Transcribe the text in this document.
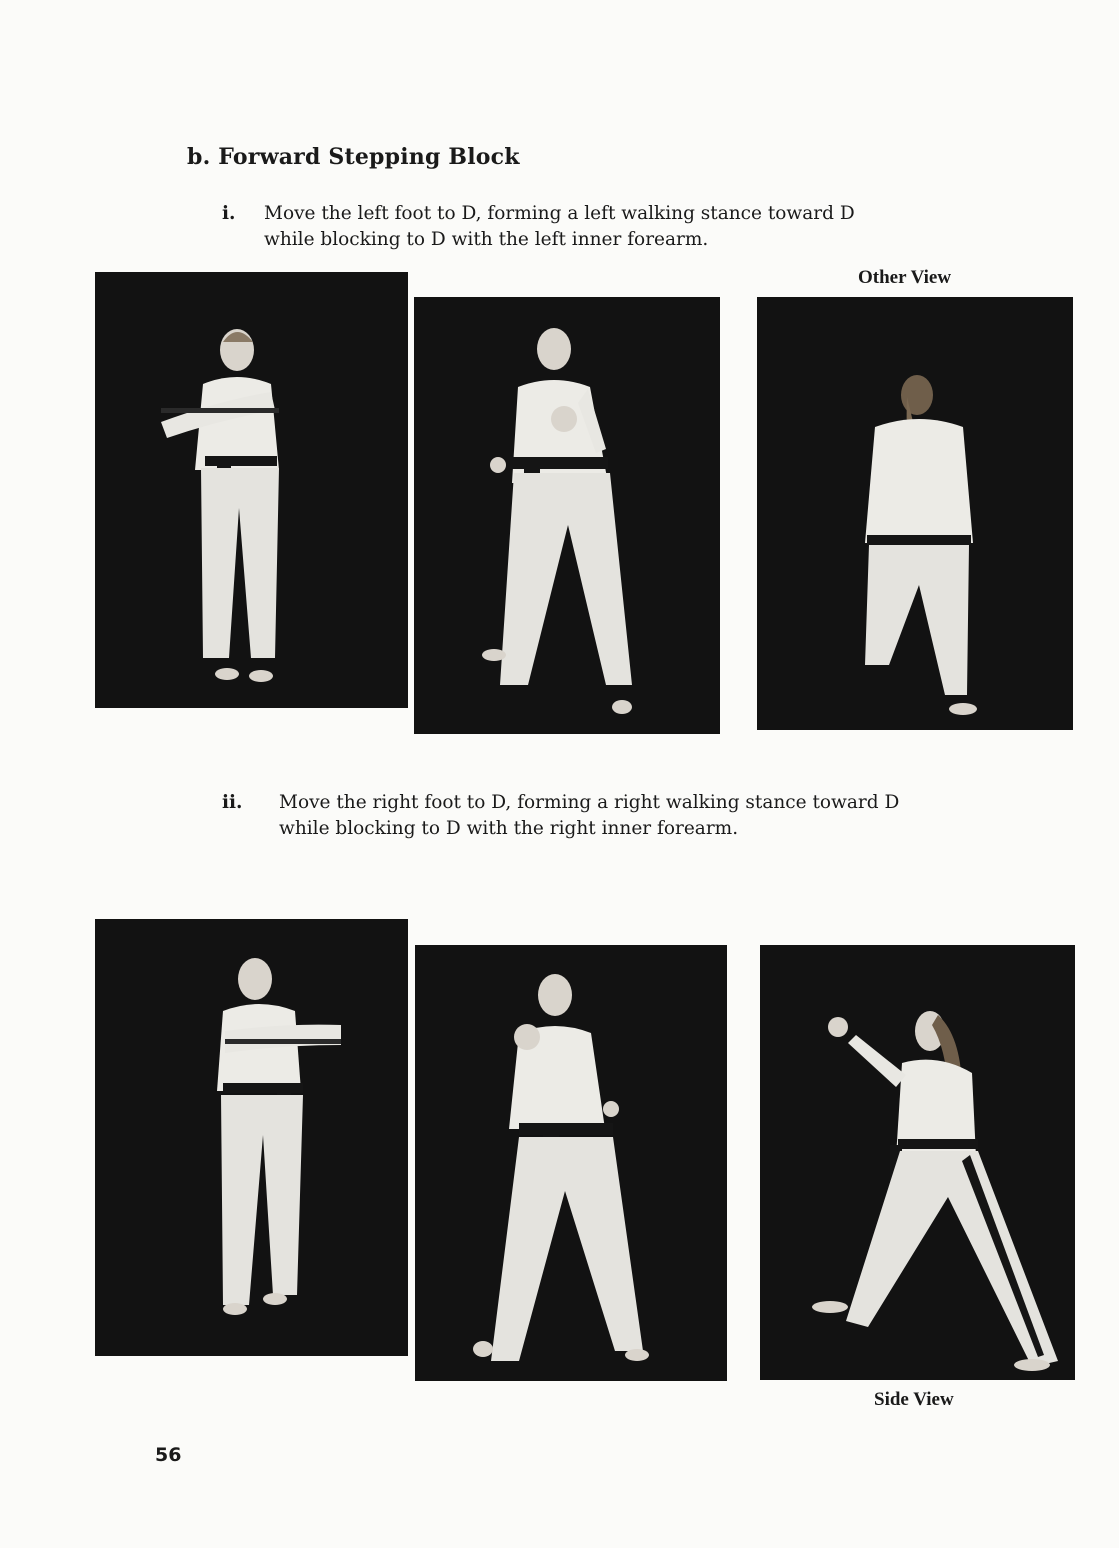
b. Forward Stepping Block
i. Move the left foot to D, forming a left walking stance toward D
while blocking to D with the left inner forearm.
Other View
ii. Move the right foot to D, forming a right walking stance toward D
while blocking to D with the right inner forearm.
Side View
56
